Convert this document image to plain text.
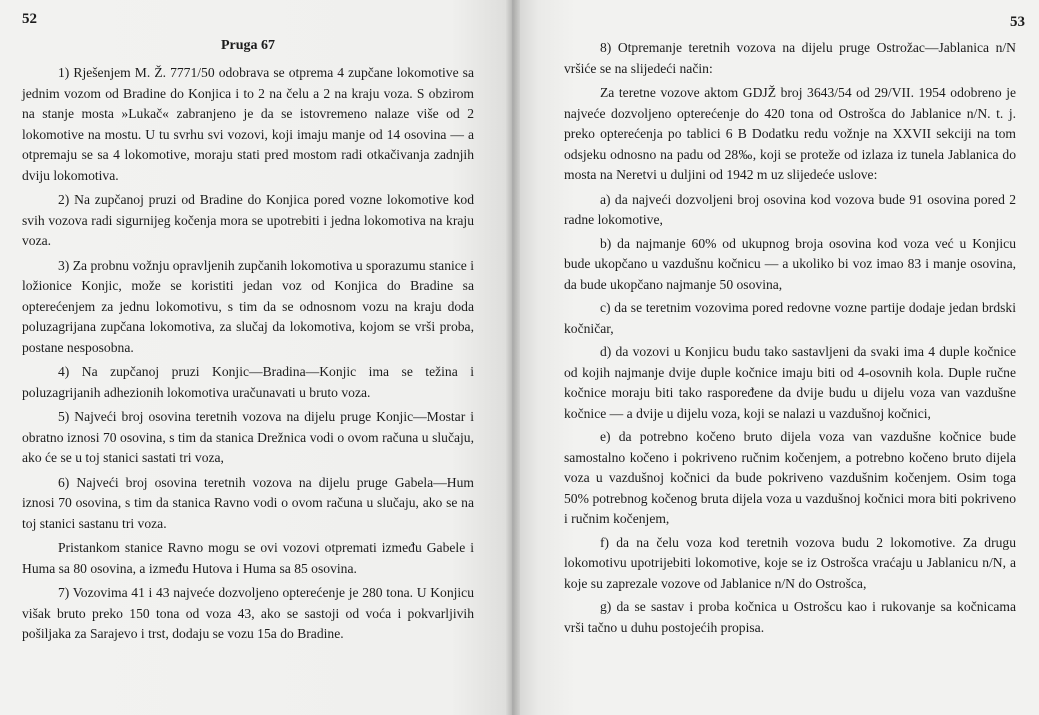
52
Pruga 67

1) Rješenjem M. Ž. 7771/50 odobrava se otprema 4 zupčane lokomotive sa jednim vozom od Bradine do Konjica i to 2 na čelu a 2 na kraju voza. S obzirom na stanje mosta »Lukač« zabranjeno je da se istovremeno nalaze više od 2 lokomotive na mostu. U tu svrhu svi vozovi, koji imaju manje od 14 osovina — a otpremaju se sa 4 lokomotive, moraju stati pred mostom radi otkačivanja zadnjih dviju lokomotiva.

2) Na zupčanoj pruzi od Bradine do Konjica pored vozne lokomotive kod svih vozova radi sigurnijeg kočenja mora se upotrebiti i jedna lokomotiva na kraju voza.

3) Za probnu vožnju opravljenih zupčanih lokomotiva u sporazumu stanice i ložionice Konjic, može se koristiti jedan voz od Konjica do Bradine sa opterećenjem za jednu lokomotivu, s tim da se odnosnom vozu na kraju doda poluzagrijana zupčana lokomotiva, za slučaj da lokomotiva, kojom se vrši proba, postane nesposobna.

4) Na zupčanoj pruzi Konjic—Bradina—Konjic ima se težina i poluzagrijanih adhezionih lokomotiva uračunavati u bruto voza.

5) Najveći broj osovina teretnih vozova na dijelu pruge Konjic—Mostar i obratno iznosi 70 osovina, s tim da stanica Drežnica vodi o ovom računa u slučaju, ako će se u toj stanici sastati tri voza,

6) Najveći broj osovina teretnih vozova na dijelu pruge Gabela—Hum iznosi 70 osovina, s tim da stanica Ravno vodi o ovom računa u slučaju, ako se na toj stanici sastanu tri voza.

Pristankom stanice Ravno mogu se ovi vozovi otpremati između Gabele i Huma sa 80 osovina, a između Hutova i Huma sa 85 osovina.

7) Vozovima 41 i 43 najveće dozvoljeno opterećenje je 280 tona. U Konjicu višak bruto preko 150 tona od voza 43, ako se sastoji od voća i pokvarljivih pošiljaka za Sarajevo i trst, dodaju se vozu 15a do Bradine.

53

8) Otpremanje teretnih vozova na dijelu pruge Ostrožac—Jablanica n/N vršiće se na slijedeći način:

Za teretne vozove aktom GDJŽ broj 3643/54 od 29/VII. 1954 odobreno je najveće dozvoljeno opterećenje do 420 tona od Ostrošca do Jablanice n/N. t. j. preko opterećenja po tablici 6 B Dodatku redu vožnje na XXVII sekciji na tom odsjeku odnosno na padu od 28‰, koji se proteže od izlaza iz tunela Jablanica do mosta na Neretvi u duljini od 1942 m uz slijedeće uslove:

a) da najveći dozvoljeni broj osovina kod vozova bude 91 osovina pored 2 radne lokomotive,

b) da najmanje 60% od ukupnog broja osovina kod voza već u Konjicu bude ukopčano u vazdušnu kočnicu — a ukoliko bi voz imao 83 i manje osovina, da bude ukopčano najmanje 50 osovina,

c) da se teretnim vozovima pored redovne vozne partije dodaje jedan brdski kočničar,

d) da vozovi u Konjicu budu tako sastavljeni da svaki ima 4 duple kočnice od kojih najmanje dvije duple kočnice imaju biti od 4-osovnih kola. Duple ručne kočnice moraju biti tako raspoređene da dvije budu u dijelu voza van vazdušne kočnice — a dvije u dijelu voza, koji se nalazi u vazdušnoj kočnici,

e) da potrebno kočeno bruto dijela voza van vazdušne kočnice bude samostalno kočeno i pokriveno ručnim kočenjem, a potrebno kočeno bruto dijela voza u vazdušnoj kočnici da bude pokriveno vazdušnim kočenjem. Osim toga 50% potrebnog kočenog bruta dijela voza u vazdušnoj kočnici mora biti pokriveno i ručnim kočenjem,

f) da na čelu voza kod teretnih vozova budu 2 lokomotive. Za drugu lokomotivu upotrijebiti lokomotive, koje se iz Ostrošca vraćaju u Jablanicu n/N, a koje su zaprezale vozove od Jablanice n/N do Ostrošca,

g) da se sastav i proba kočnica u Ostrošcu kao i rukovanje sa kočnicama vrši tačno u duhu postojećih propisa.
